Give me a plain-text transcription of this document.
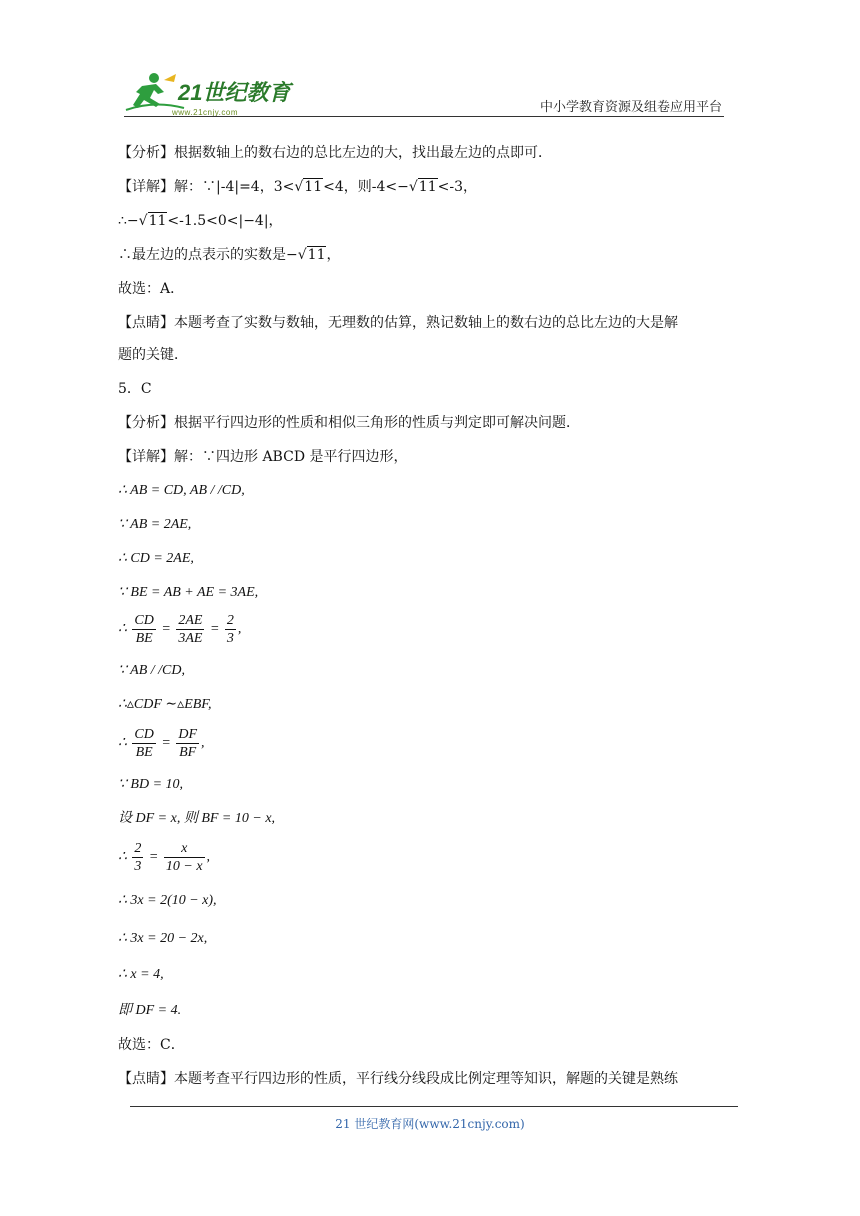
21世纪教育
www.21cnjy.com	中小学教育资源及组卷应用平台
【分析】根据数轴上的数右边的总比左边的大，找出最左边的点即可．
【详解】解：∵|-4|=4，3<√11<4，则-4<−√11<-3，
∴−√11<-1.5<0<|−4|，
∴最左边的点表示的实数是−√11，
故选：A．
【点睛】本题考查了实数与数轴，无理数的估算，熟记数轴上的数右边的总比左边的大是解
题的关键．
5．C
【分析】根据平行四边形的性质和相似三角形的性质与判定即可解决问题．
【详解】解：∵四边形 ABCD 是平行四边形，
∴ AB = CD, AB / /CD,
∵ AB = 2AE,
∴ CD = 2AE,
∵ BE = AB + AE = 3AE,
∴ $\frac{CD}{BE} = \frac{2AE}{3AE} = \frac{2}{3}$ ,
∵ AB / /CD,
∴▵CDF ∼▵EBF,
∴ $\frac{CD}{BE} = \frac{DF}{BF}$ ,
∵ BD = 10,
设 DF = x, 则 BF = 10 − x,
∴ $\frac{2}{3} = \frac{x}{10 - x}$ ,
∴ 3x = 2(10 − x),
∴ 3x = 20 − 2x,
∴ x = 4,
即 DF = 4.
故选：C．
【点睛】本题考查平行四边形的性质，平行线分线段成比例定理等知识，解题的关键是熟练
21 世纪教育网(www.21cnjy.com)
